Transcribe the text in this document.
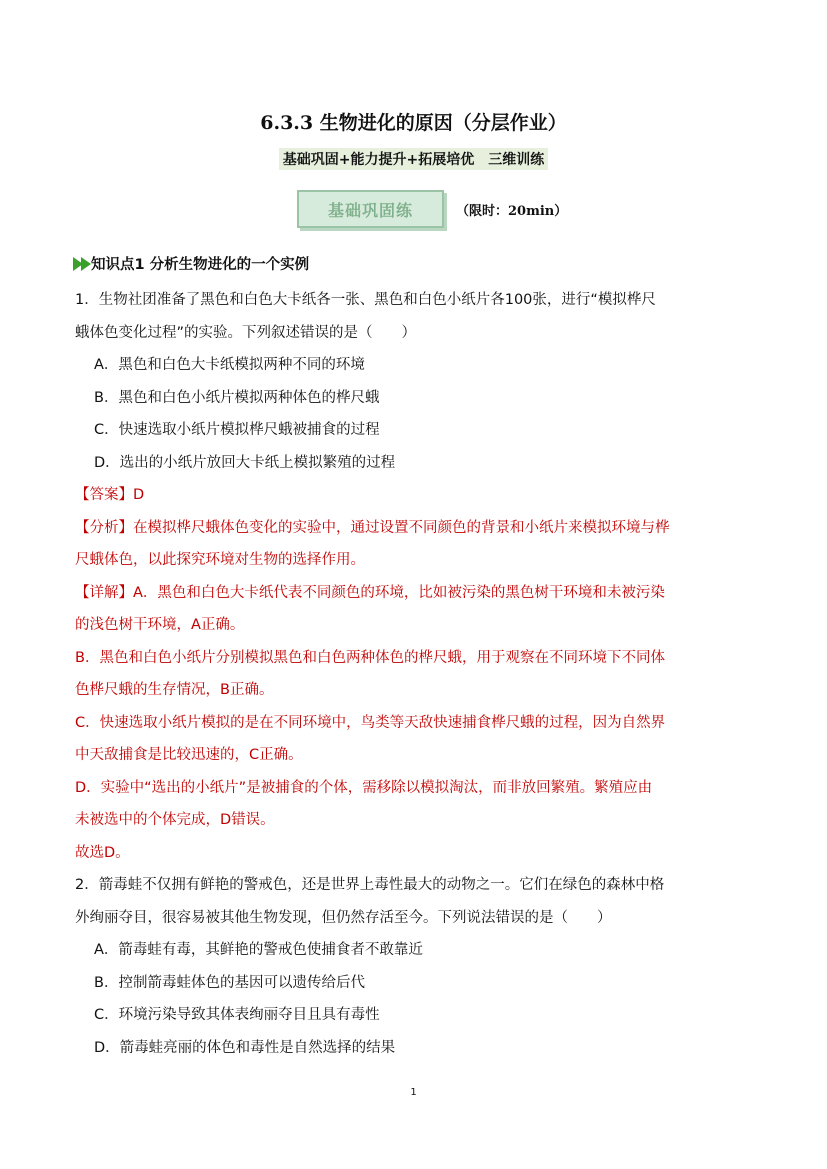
6.3.3 生物进化的原因（分层作业）
基础巩固+能力提升+拓展培优　三维训练
基础巩固练	（限时：20min）
知识点1 分析生物进化的一个实例
1．生物社团准备了黑色和白色大卡纸各一张、黑色和白色小纸片各100张，进行“模拟桦尺
蛾体色变化过程”的实验。下列叙述错误的是（　　）
A．黑色和白色大卡纸模拟两种不同的环境
B．黑色和白色小纸片模拟两种体色的桦尺蛾
C．快速选取小纸片模拟桦尺蛾被捕食的过程
D．选出的小纸片放回大卡纸上模拟繁殖的过程
【答案】D
【分析】在模拟桦尺蛾体色变化的实验中，通过设置不同颜色的背景和小纸片来模拟环境与桦
尺蛾体色，以此探究环境对生物的选择作用。
【详解】A．黑色和白色大卡纸代表不同颜色的环境，比如被污染的黑色树干环境和未被污染
的浅色树干环境，A正确。
B．黑色和白色小纸片分别模拟黑色和白色两种体色的桦尺蛾，用于观察在不同环境下不同体
色桦尺蛾的生存情况，B正确。
C．快速选取小纸片模拟的是在不同环境中，鸟类等天敌快速捕食桦尺蛾的过程，因为自然界
中天敌捕食是比较迅速的，C正确。
D．实验中“选出的小纸片”是被捕食的个体，需移除以模拟淘汰，而非放回繁殖。繁殖应由
未被选中的个体完成，D错误。
故选D。
2．箭毒蛙不仅拥有鲜艳的警戒色，还是世界上毒性最大的动物之一。它们在绿色的森林中格
外绚丽夺目，很容易被其他生物发现，但仍然存活至今。下列说法错误的是（　　）
A．箭毒蛙有毒，其鲜艳的警戒色使捕食者不敢靠近
B．控制箭毒蛙体色的基因可以遗传给后代
C．环境污染导致其体表绚丽夺目且具有毒性
D．箭毒蛙亮丽的体色和毒性是自然选择的结果
1
